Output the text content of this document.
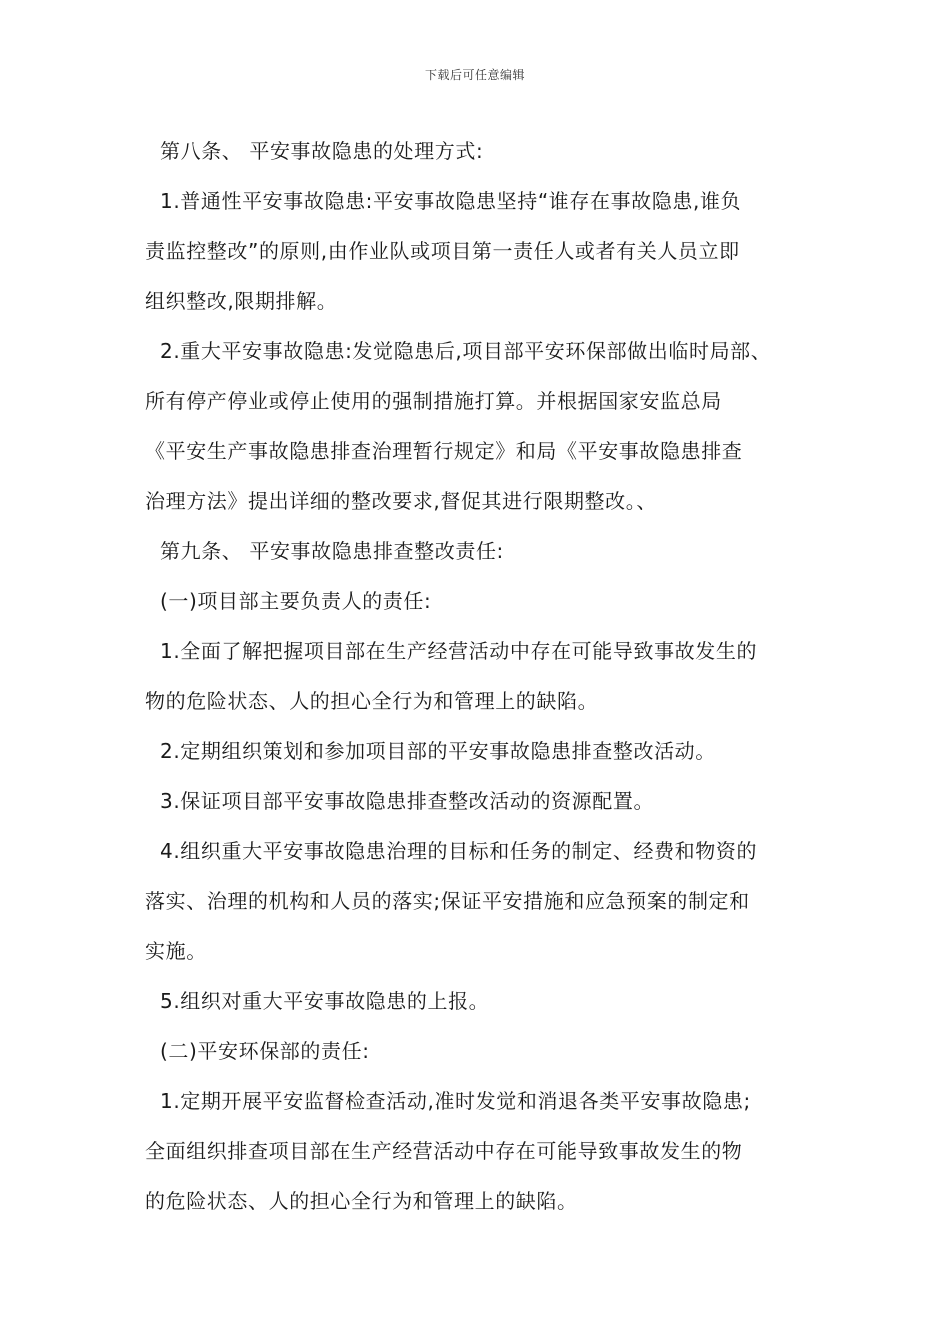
下载后可任意编辑
第八条、 平安事故隐患的处理方式:
1.普通性平安事故隐患:平安事故隐患坚持“谁存在事故隐患,谁负
责监控整改”的原则,由作业队或项目第一责任人或者有关人员立即
组织整改,限期排解。
2.重大平安事故隐患:发觉隐患后,项目部平安环保部做出临时局部、
所有停产停业或停止使用的强制措施打算。并根据国家安监总局
《平安生产事故隐患排查治理暂行规定》和局《平安事故隐患排查
治理方法》提出详细的整改要求,督促其进行限期整改。、
第九条、 平安事故隐患排查整改责任:
(一)项目部主要负责人的责任:
1.全面了解把握项目部在生产经营活动中存在可能导致事故发生的
物的危险状态、人的担心全行为和管理上的缺陷。
2.定期组织策划和参加项目部的平安事故隐患排查整改活动。
3.保证项目部平安事故隐患排查整改活动的资源配置。
4.组织重大平安事故隐患治理的目标和任务的制定、经费和物资的
落实、治理的机构和人员的落实;保证平安措施和应急预案的制定和
实施。
5.组织对重大平安事故隐患的上报。
(二)平安环保部的责任:
1.定期开展平安监督检查活动,准时发觉和消退各类平安事故隐患;
全面组织排查项目部在生产经营活动中存在可能导致事故发生的物
的危险状态、人的担心全行为和管理上的缺陷。
